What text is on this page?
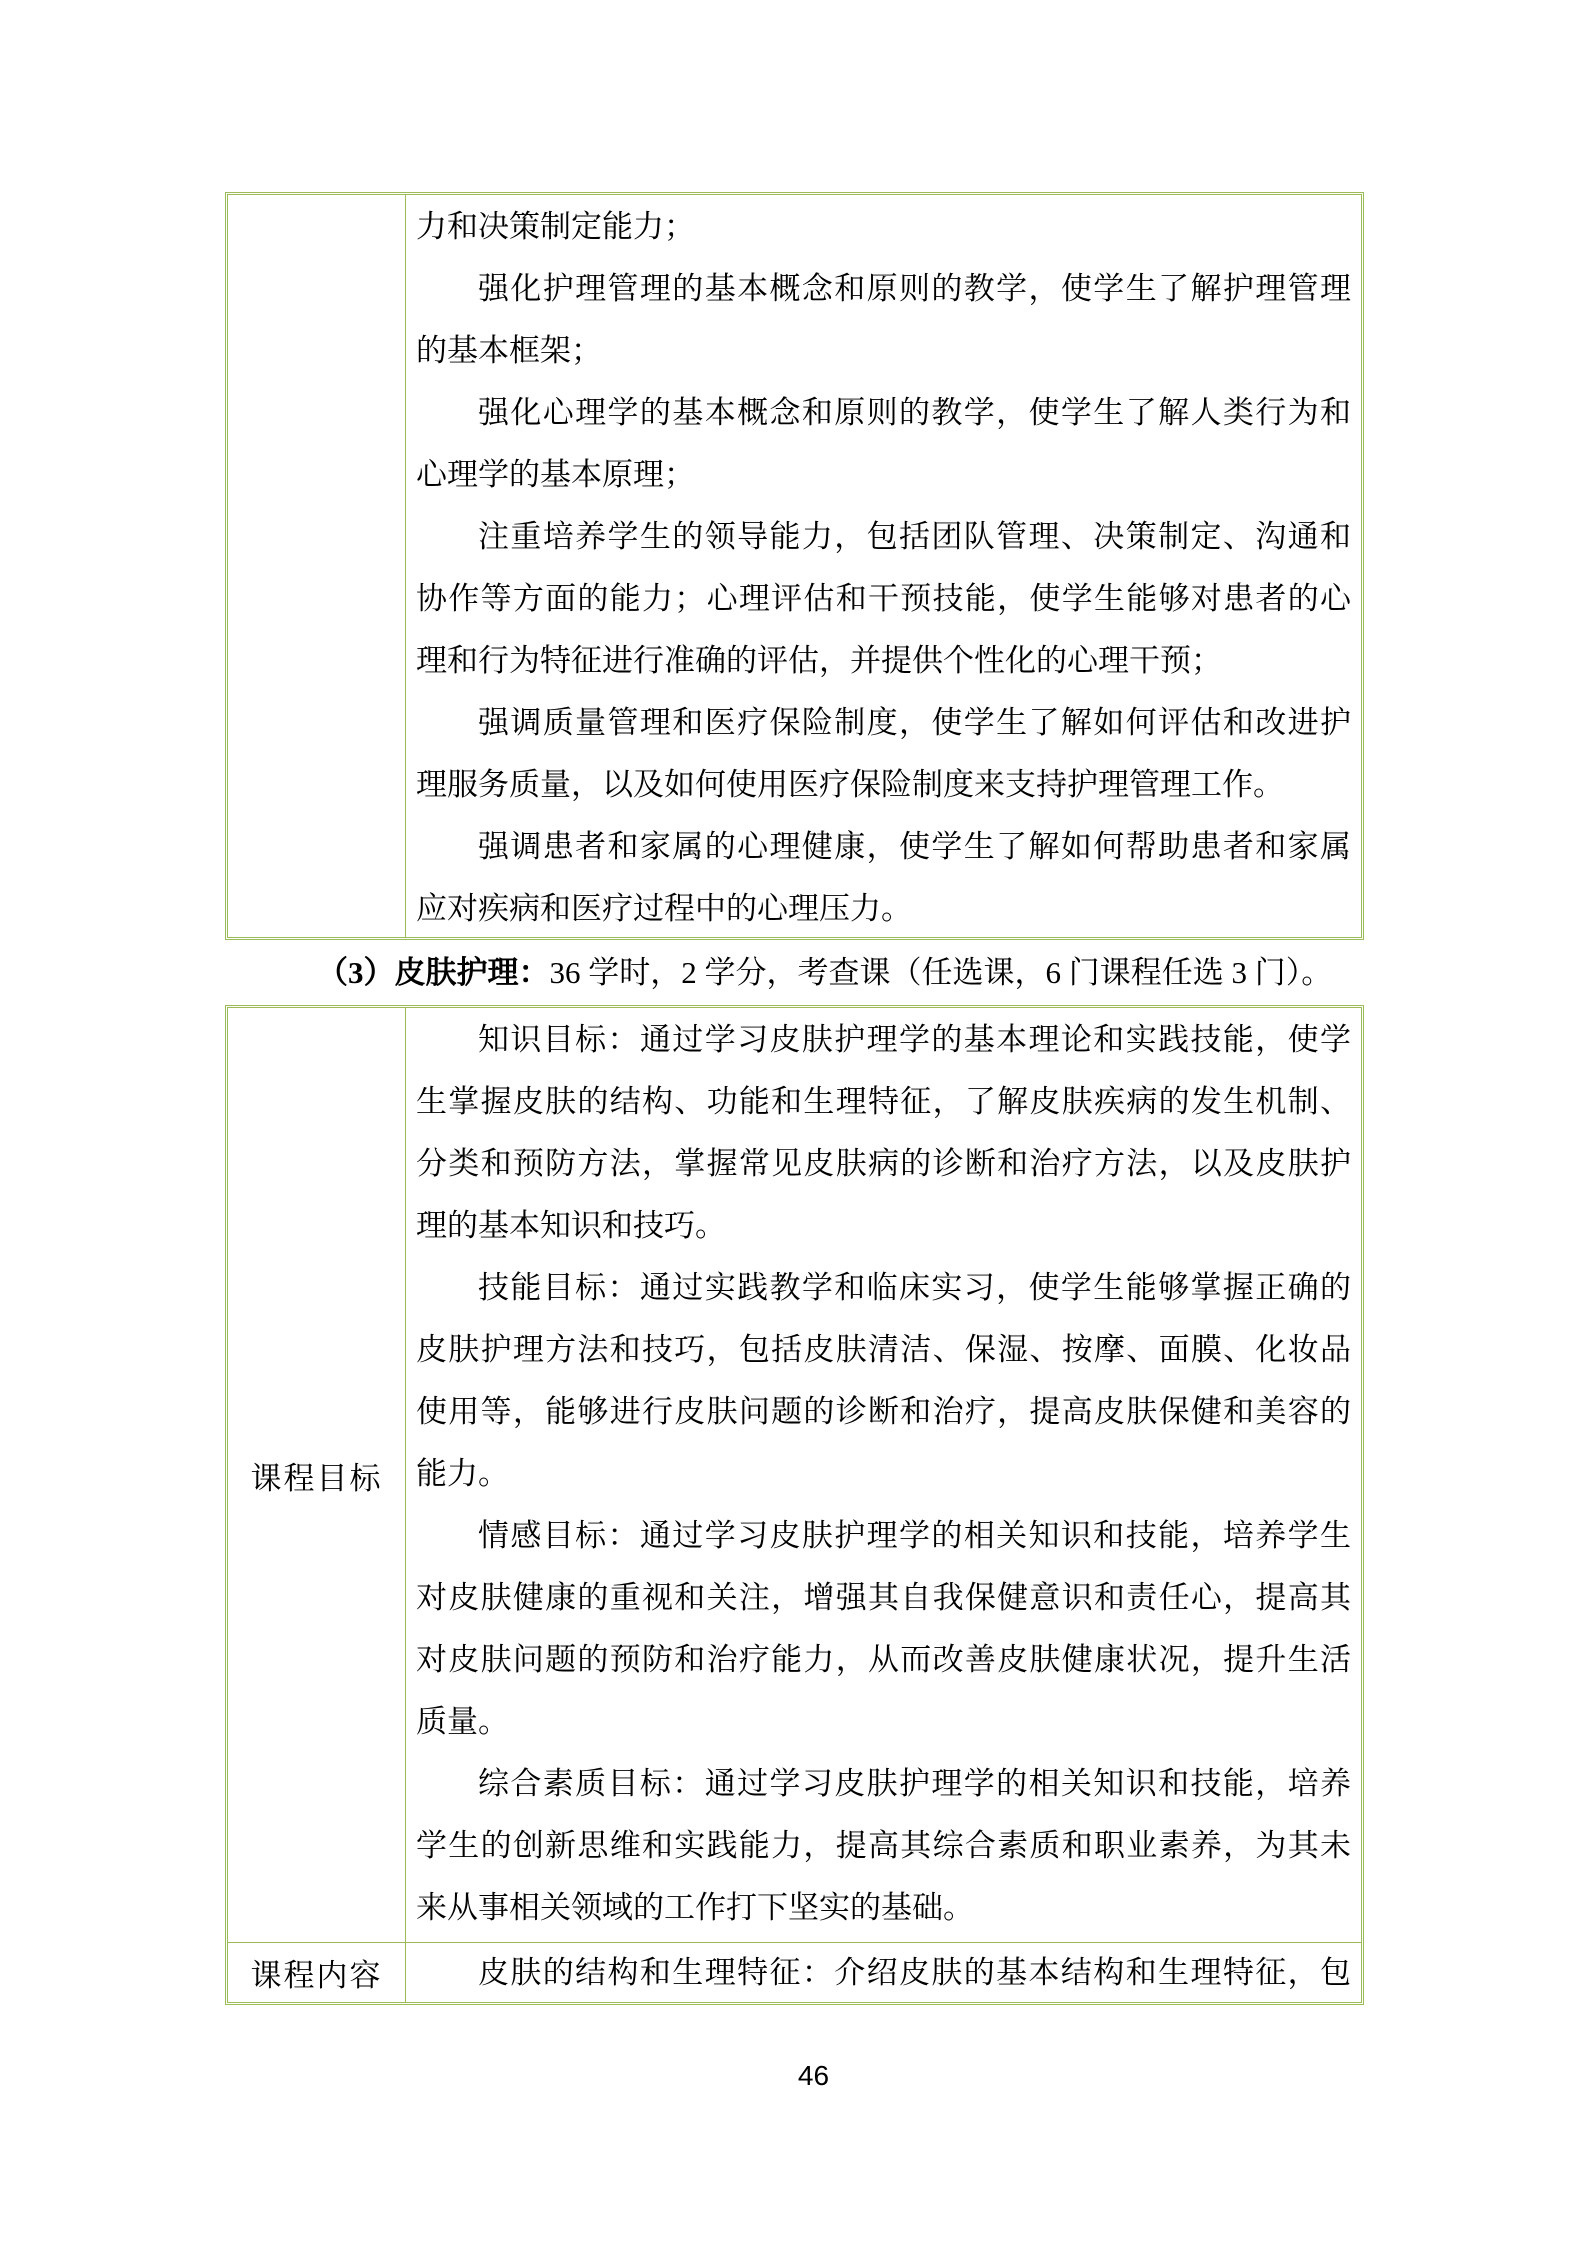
力和决策制定能力；
强化护理管理的基本概念和原则的教学，使学生了解护理管理
的基本框架；
强化心理学的基本概念和原则的教学，使学生了解人类行为和
心理学的基本原理；
注重培养学生的领导能力，包括团队管理、决策制定、沟通和
协作等方面的能力；心理评估和干预技能，使学生能够对患者的心
理和行为特征进行准确的评估，并提供个性化的心理干预；
强调质量管理和医疗保险制度，使学生了解如何评估和改进护
理服务质量，以及如何使用医疗保险制度来支持护理管理工作。
强调患者和家属的心理健康，使学生了解如何帮助患者和家属
应对疾病和医疗过程中的心理压力。

（3）皮肤护理：36 学时，2 学分，考查课（任选课，6 门课程任选 3 门）。

课程目标
知识目标：通过学习皮肤护理学的基本理论和实践技能，使学
生掌握皮肤的结构、功能和生理特征，了解皮肤疾病的发生机制、
分类和预防方法，掌握常见皮肤病的诊断和治疗方法，以及皮肤护
理的基本知识和技巧。
技能目标：通过实践教学和临床实习，使学生能够掌握正确的
皮肤护理方法和技巧，包括皮肤清洁、保湿、按摩、面膜、化妆品
使用等，能够进行皮肤问题的诊断和治疗，提高皮肤保健和美容的
能力。
情感目标：通过学习皮肤护理学的相关知识和技能，培养学生
对皮肤健康的重视和关注，增强其自我保健意识和责任心，提高其
对皮肤问题的预防和治疗能力，从而改善皮肤健康状况，提升生活
质量。
综合素质目标：通过学习皮肤护理学的相关知识和技能，培养
学生的创新思维和实践能力，提高其综合素质和职业素养，为其未
来从事相关领域的工作打下坚实的基础。
课程内容	皮肤的结构和生理特征：介绍皮肤的基本结构和生理特征，包
46
